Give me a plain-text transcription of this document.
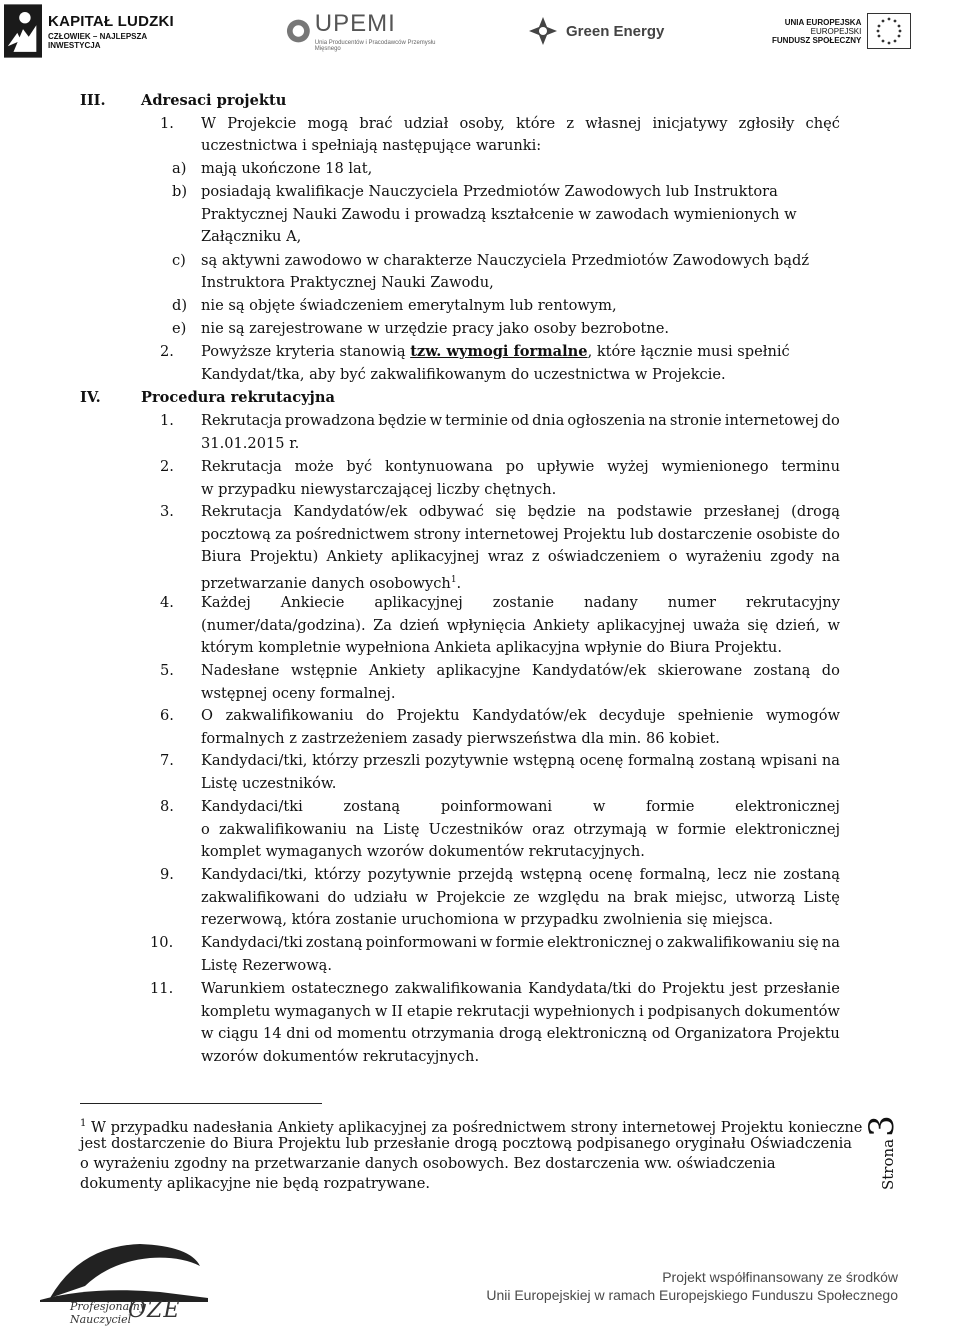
KAPITAŁ LUDZKI
CZŁOWIEK – NAJLEPSZA INWESTYCJA
UPEMI
Unia Producentów i Pracodawców Przemysłu Mięsnego
Green Energy
UNIA EUROPEJSKA
EUROPEJSKI
FUNDUSZ SPOŁECZNY
III. Adresaci projektu
1. W Projekcie mogą brać udział osoby, które z własnej inicjatywy zgłosiły chęć
uczestnictwa i spełniają następujące warunki:
a) mają ukończone 18 lat,
b) posiadają kwalifikacje Nauczyciela Przedmiotów Zawodowych lub Instruktora
Praktycznej Nauki Zawodu i prowadzą kształcenie w zawodach wymienionych w
Załączniku A,
c) są aktywni zawodowo w charakterze Nauczyciela Przedmiotów Zawodowych bądź
Instruktora Praktycznej Nauki Zawodu,
d) nie są objęte świadczeniem emerytalnym lub rentowym,
e) nie są zarejestrowane w urzędzie pracy jako osoby bezrobotne.
2. Powyższe kryteria stanowią tzw. wymogi formalne, które łącznie musi spełnić
Kandydat/tka, aby być zakwalifikowanym do uczestnictwa w Projekcie.
IV.	Procedura rekrutacyjna
1. Rekrutacja prowadzona będzie w terminie od dnia ogłoszenia na stronie internetowej do
31.01.2015 r.
2. Rekrutacja może być kontynuowana po upływie wyżej wymienionego terminu
w przypadku niewystarczającej liczby chętnych.
3. Rekrutacja Kandydatów/ek odbywać się będzie na podstawie przesłanej (drogą
pocztową za pośrednictwem strony internetowej Projektu lub dostarczenie osobiste do
Biura Projektu) Ankiety aplikacyjnej wraz z oświadczeniem o wyrażeniu zgody na
przetwarzanie danych osobowych$^1$.
4. Każdej Ankiecie aplikacyjnej zostanie nadany numer rekrutacyjny
(numer/data/godzina). Za dzień wpłynięcia Ankiety aplikacyjnej uważa się dzień, w
którym kompletnie wypełniona Ankieta aplikacyjna wpłynie do Biura Projektu.
5. Nadesłane wstępnie Ankiety aplikacyjne Kandydatów/ek skierowane zostaną do
wstępnej oceny formalnej.
6. O zakwalifikowaniu do Projektu Kandydatów/ek decyduje spełnienie wymogów
formalnych z zastrzeżeniem zasady pierwszeństwa dla min. 86 kobiet.
7. Kandydaci/tki, którzy przeszli pozytywnie wstępną ocenę formalną zostaną wpisani na
Listę uczestników.
8. Kandydaci/tki	zostaną	poinformowani	w	formie	elektronicznej
o zakwalifikowaniu na Listę Uczestników oraz otrzymają w formie elektronicznej
komplet wymaganych wzorów dokumentów rekrutacyjnych.
9. Kandydaci/tki, którzy pozytywnie przejdą wstępną ocenę formalną, lecz nie zostaną
zakwalifikowani do udziału w Projekcie ze względu na brak miejsc, utworzą Listę
rezerwową, która zostanie uruchomiona w przypadku zwolnienia się miejsca.
10. Kandydaci/tki zostaną poinformowani w formie elektronicznej o zakwalifikowaniu się na
Listę Rezerwową.
11. Warunkiem ostatecznego zakwalifikowania Kandydata/tki do Projektu jest przesłanie
kompletu wymaganych w II etapie rekrutacji wypełnionych i podpisanych dokumentów
w ciągu 14 dni od momentu otrzymania drogą elektroniczną od Organizatora Projektu
wzorów dokumentów rekrutacyjnych.
$^1$ W przypadku nadesłania Ankiety aplikacyjnej za pośrednictwem strony internetowej Projektu konieczne
jest dostarczenie do Biura Projektu lub przesłanie drogą pocztową podpisanego oryginału Oświadczenia
o wyrażeniu zgodny na przetwarzanie danych osobowych. Bez dostarczenia ww. oświadczenia
dokumenty aplikacyjne nie będą rozpatrywane.	Strona
3
Profesjonalny
Nauczyciel
OZE
Projekt współfinansowany ze środków
Unii Europejskiej w ramach Europejskiego Funduszu Społecznego
